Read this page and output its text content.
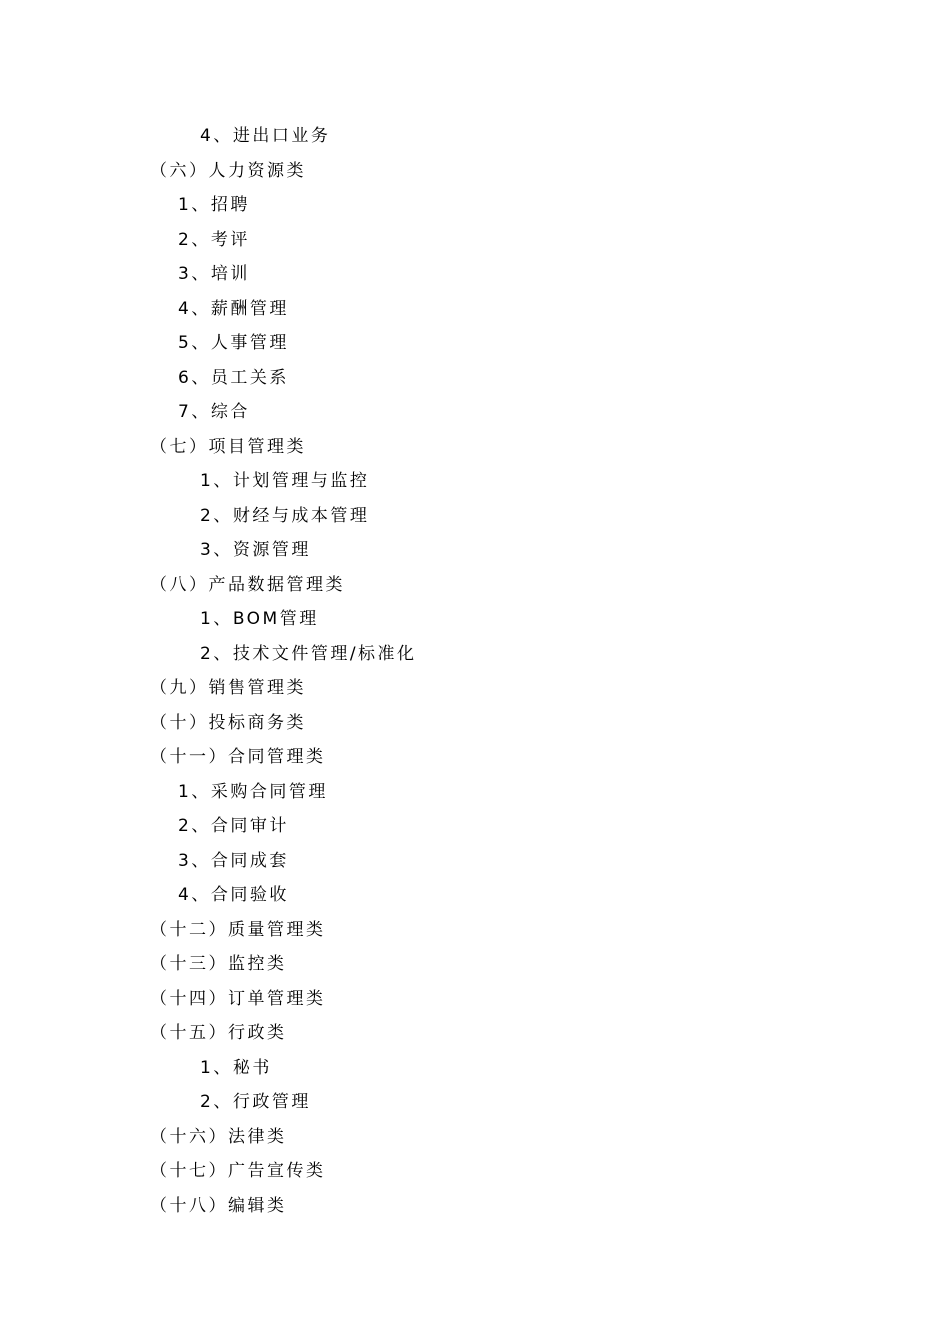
4、进出口业务
（六）人力资源类
1、招聘
2、考评
3、培训
4、薪酬管理
5、人事管理
6、员工关系
7、综合
（七）项目管理类
1、计划管理与监控
2、财经与成本管理
3、资源管理
（八）产品数据管理类
1、BOM管理
2、技术文件管理/标准化
（九）销售管理类
（十）投标商务类
（十一）合同管理类
1、采购合同管理
2、合同审计
3、合同成套
4、合同验收
（十二）质量管理类
（十三）监控类
（十四）订单管理类
（十五）行政类
1、秘书
2、行政管理
（十六）法律类
（十七）广告宣传类
（十八）编辑类
